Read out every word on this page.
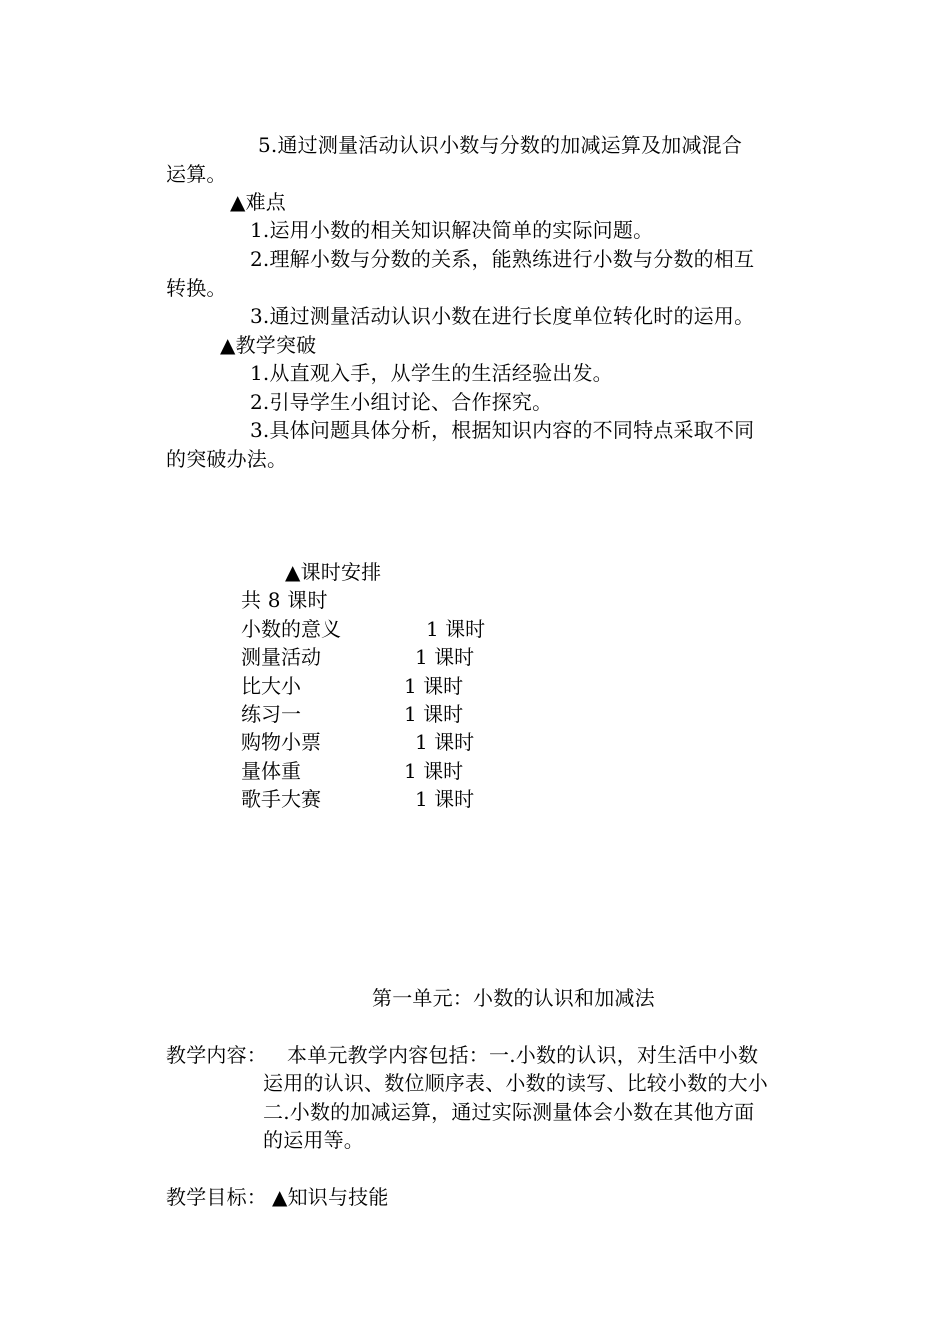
5.通过测量活动认识小数与分数的加减运算及加减混合
运算。
▲难点
1.运用小数的相关知识解决简单的实际问题。
2.理解小数与分数的关系，能熟练进行小数与分数的相互
转换。
3.通过测量活动认识小数在进行长度单位转化时的运用。
▲教学突破
1.从直观入手，从学生的生活经验出发。
2.引导学生小组讨论、合作探究。
3.具体问题具体分析，根据知识内容的不同特点采取不同
的突破办法。
▲课时安排
共 8 课时
小数的意义	1 课时
测量活动	1 课时
比大小	1 课时
练习一	1 课时
购物小票	1 课时
量体重	1 课时
歌手大赛	1 课时
第一单元：小数的认识和加减法
教学内容： 本单元教学内容包括：一.小数的认识，对生活中小数
运用的认识、数位顺序表、小数的读写、比较小数的大小
二.小数的加减运算，通过实际测量体会小数在其他方面
的运用等。
教学目标： ▲知识与技能
